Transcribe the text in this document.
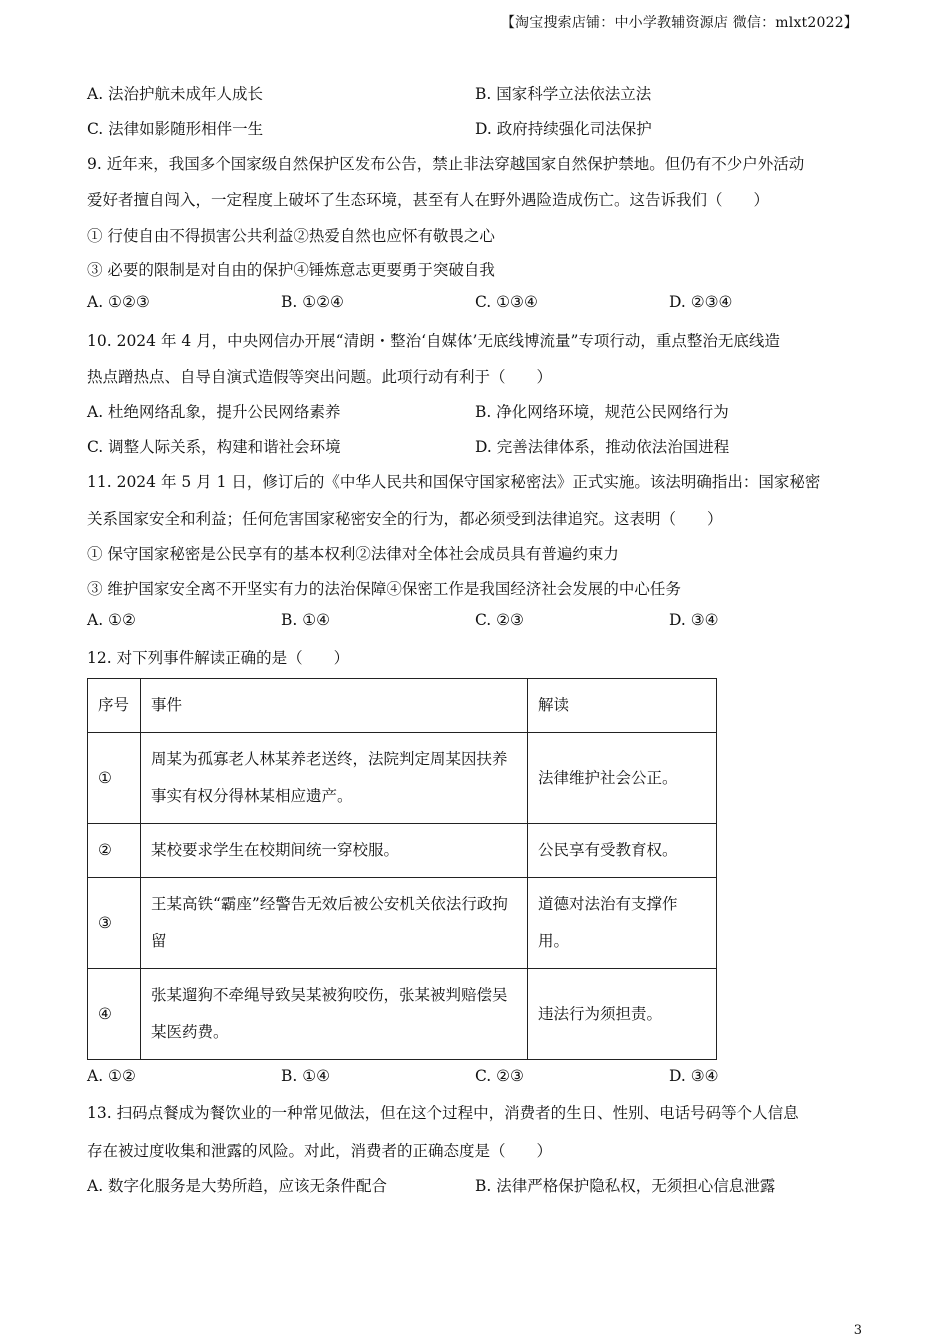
【淘宝搜索店铺：中小学教辅资源店 微信：mlxt2022】
A. 法治护航未成年人成长	B. 国家科学立法依法立法
C. 法律如影随形相伴一生	D. 政府持续强化司法保护
9. 近年来，我国多个国家级自然保护区发布公告，禁止非法穿越国家自然保护禁地。但仍有不少户外活动
爱好者擅自闯入，一定程度上破坏了生态环境，甚至有人在野外遇险造成伤亡。这告诉我们（　　）
① 行使自由不得损害公共利益②热爱自然也应怀有敬畏之心
③ 必要的限制是对自由的保护④锤炼意志更要勇于突破自我
A. ①②③	B. ①②④	C. ①③④	D. ②③④
10. 2024 年 4 月，中央网信办开展“清朗・整治‘自媒体’无底线博流量”专项行动，重点整治无底线造
热点蹭热点、自导自演式造假等突出问题。此项行动有利于（　　）
A. 杜绝网络乱象，提升公民网络素养	B. 净化网络环境，规范公民网络行为
C. 调整人际关系，构建和谐社会环境	D. 完善法律体系，推动依法治国进程
11. 2024 年 5 月 1 日，修订后的《中华人民共和国保守国家秘密法》正式实施。该法明确指出：国家秘密
关系国家安全和利益；任何危害国家秘密安全的行为，都必须受到法律追究。这表明（　　）
① 保守国家秘密是公民享有的基本权利②法律对全体社会成员具有普遍约束力
③ 维护国家安全离不开坚实有力的法治保障④保密工作是我国经济社会发展的中心任务
A. ①②	B. ①④	C. ②③	D. ③④
12. 对下列事件解读正确的是（　　）
序号	事件	解读
①	周某为孤寡老人林某养老送终，法院判定周某因扶养事实有权分得林某相应遗产。	法律维护社会公正。
②	某校要求学生在校期间统一穿校服。	公民享有受教育权。
③	王某高铁“霸座”经警告无效后被公安机关依法行政拘留	道德对法治有支撑作用。
④	张某遛狗不牵绳导致吴某被狗咬伤，张某被判赔偿吴某医药费。	违法行为须担责。
A. ①②	B. ①④	C. ②③	D. ③④
13. 扫码点餐成为餐饮业的一种常见做法，但在这个过程中，消费者的生日、性别、电话号码等个人信息
存在被过度收集和泄露的风险。对此，消费者的正确态度是（　　）
A. 数字化服务是大势所趋，应该无条件配合	B. 法律严格保护隐私权，无须担心信息泄露
3
